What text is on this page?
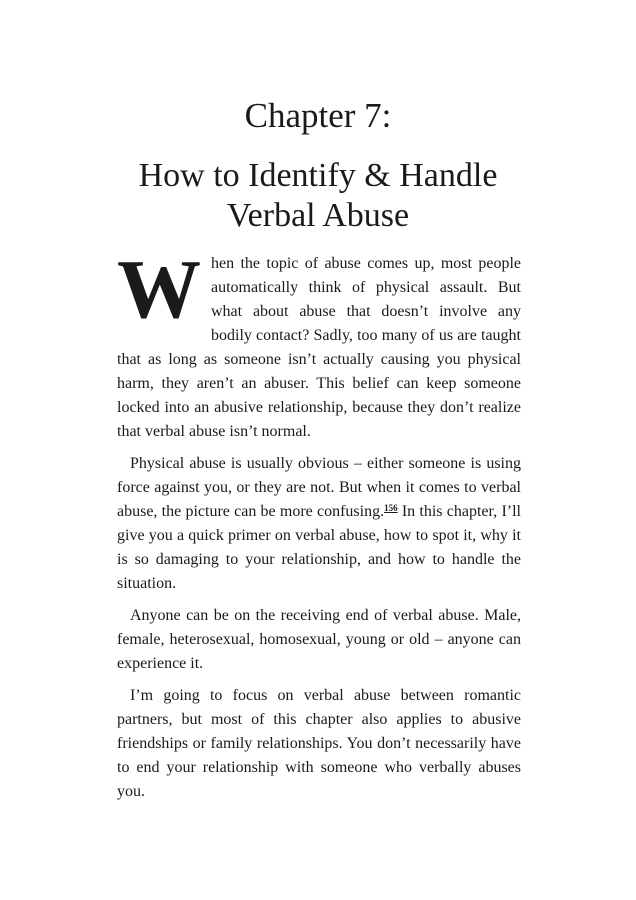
Chapter 7:
How to Identify & Handle
Verbal Abuse

When the topic of abuse comes up, most people automatically think of physical assault. But what about abuse that doesn’t involve any bodily contact? Sadly, too many of us are taught that as long as someone isn’t actually causing you physical harm, they aren’t an abuser. This belief can keep someone locked into an abusive relationship, because they don’t realize that verbal abuse isn’t normal.

Physical abuse is usually obvious – either someone is using force against you, or they are not. But when it comes to verbal abuse, the picture can be more confusing.$^{156}$ In this chapter, I’ll give you a quick primer on verbal abuse, how to spot it, why it is so damaging to your relationship, and how to handle the situation.

Anyone can be on the receiving end of verbal abuse. Male, female, heterosexual, homosexual, young or old – anyone can experience it.

I’m going to focus on verbal abuse between romantic partners, but most of this chapter also applies to abusive friendships or family relationships. You don’t necessarily have to end your relationship with someone who verbally abuses you.
